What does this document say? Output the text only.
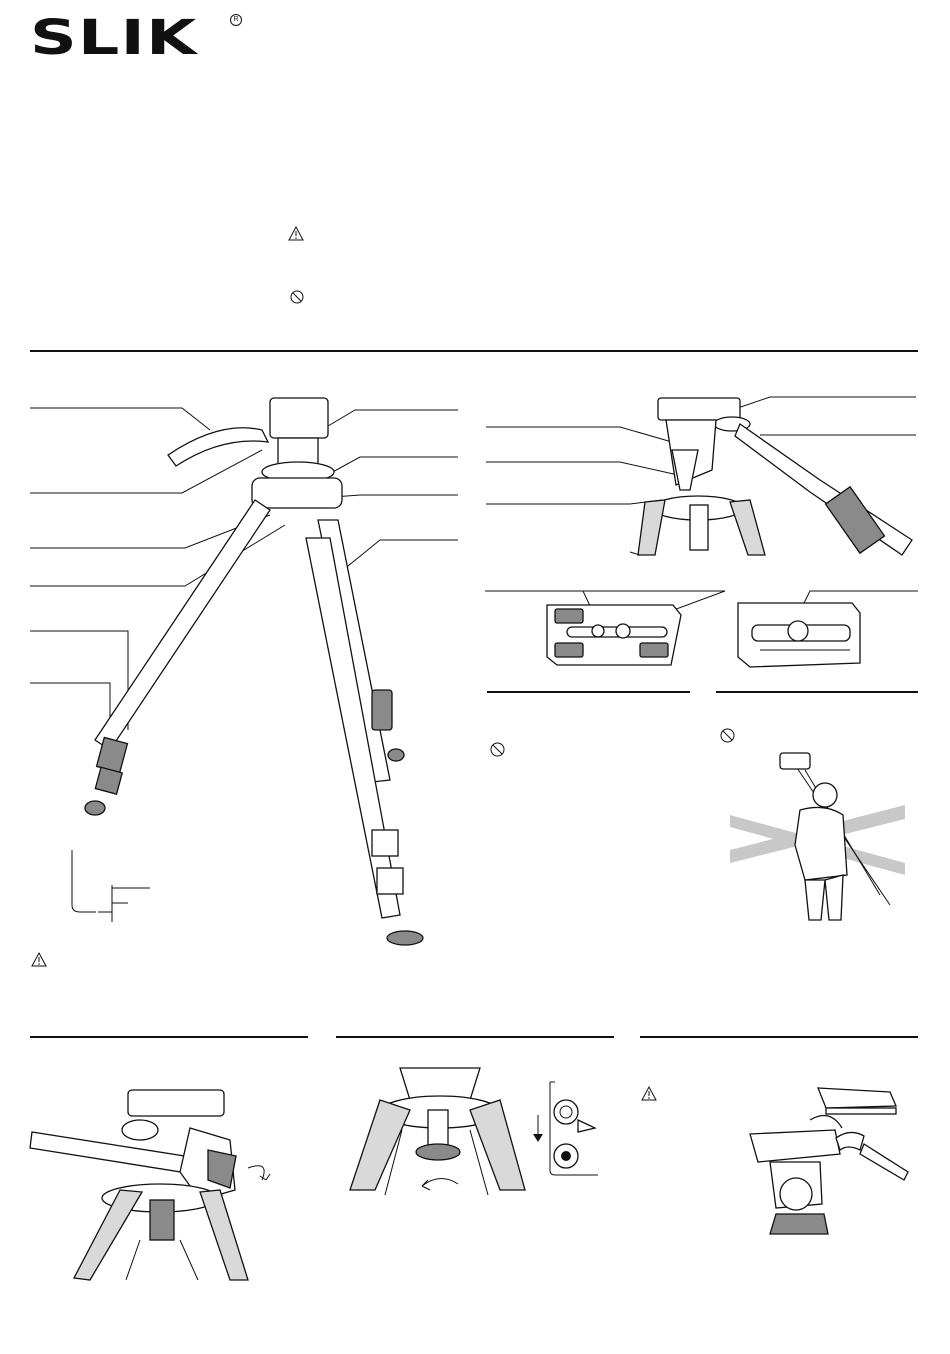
SLIK	R
